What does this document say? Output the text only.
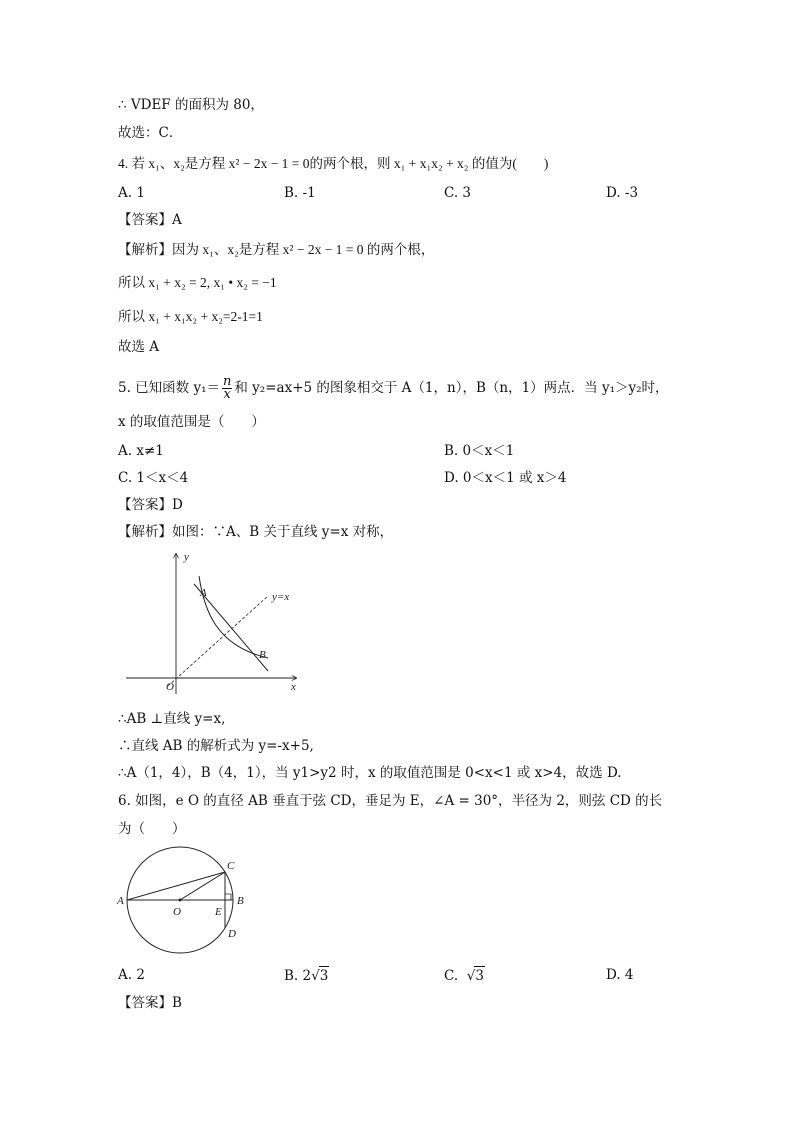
∴ VDEF 的面积为 80，
故选：C．
4. 若 x₁、x₂是方程 x² − 2x − 1 = 0的两个根，则 x₁ + x₁x₂ + x₂ 的值为(　　)
A. 1	B. -1	C. 3	D. -3
【答案】A
【解析】因为 x₁、x₂是方程 x² − 2x − 1 = 0 的两个根，
所以 x₁ + x₂ = 2, x₁ • x₂ = −1
所以 x₁ + x₁x₂ + x₂=2-1=1
故选 A
5. 已知函数 $y_1= \frac{n}{x}$ 和 y₂=ax+5 的图象相交于 A（1，n），B（n，1）两点．当 y₁＞y₂时，
x 的取值范围是（　　）
A. x≠1	B. 0＜x＜1
C. 1＜x＜4	D. 0＜x＜1 或 x＞4
【答案】D
【解析】如图：∵A、B 关于直线 y=x 对称，
y
x
O
A
B
y=x
∴AB ⊥直线 y=x,
∴直线 AB 的解析式为 y=-x+5,
∴A（1，4），B（4，1），当 y1>y2 时，x 的取值范围是 0<x<1 或 x>4，故选 D.
6. 如图，e O 的直径 AB 垂直于弦 CD，垂足为 E，∠A = 30°，半径为 2，则弦 CD 的长
为（　　）
A
O	E
B
C
D
A. 2	B. 2√3	C.  √3	D. 4
【答案】B
